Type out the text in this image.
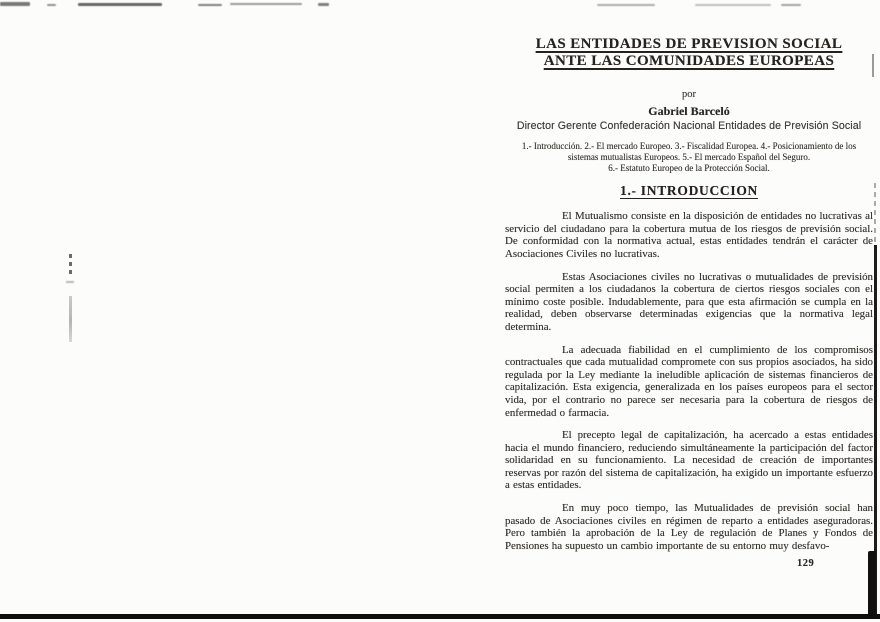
LAS ENTIDADES DE PREVISION SOCIAL
ANTE LAS COMUNIDADES EUROPEAS
por
Gabriel Barceló
Director Gerente Confederación Nacional Entidades de Previsión Social
1.- Introducción. 2.- El mercado Europeo. 3.- Fiscalidad Europea. 4.- Posicionamiento de los
sistemas mutualistas Europeos. 5.- El mercado Español del Seguro.
6.- Estatuto Europeo de la Protección Social.
1.- INTRODUCCION

El Mutualismo consiste en la disposición de entidades no lucrativas al servicio del ciudadano para la cobertura mutua de los riesgos de previsión social. De conformidad con la normativa actual, estas entidades tendrán el carácter de Asociaciones Civiles no lucrativas.

Estas Asociaciones civiles no lucrativas o mutualidades de previsión social permiten a los ciudadanos la cobertura de ciertos riesgos sociales con el mínimo coste posible. Indudablemente, para que esta afirmación se cumpla en la realidad, deben observarse determinadas exigencias que la normativa legal determina.

La adecuada fiabilidad en el cumplimiento de los compromisos contractuales que cada mutualidad compromete con sus propios asociados, ha sido regulada por la Ley mediante la ineludible aplicación de sistemas financieros de capitalización. Esta exigencia, generalizada en los países europeos para el sector vida, por el contrario no parece ser necesaria para la cobertura de riesgos de enfermedad o farmacia.

El precepto legal de capitalización, ha acercado a estas entidades hacia el mundo financiero, reduciendo simultáneamente la participación del factor solidaridad en su funcionamiento. La necesidad de creación de importantes reservas por razón del sistema de capitalización, ha exigido un importante esfuerzo a estas entidades.

En muy poco tiempo, las Mutualidades de previsión social han pasado de Asociaciones civiles en régimen de reparto a entidades aseguradoras. Pero también la aprobación de la Ley de regulación de Planes y Fondos de Pensiones ha supuesto un cambio importante de su entorno muy desfavo-

129
